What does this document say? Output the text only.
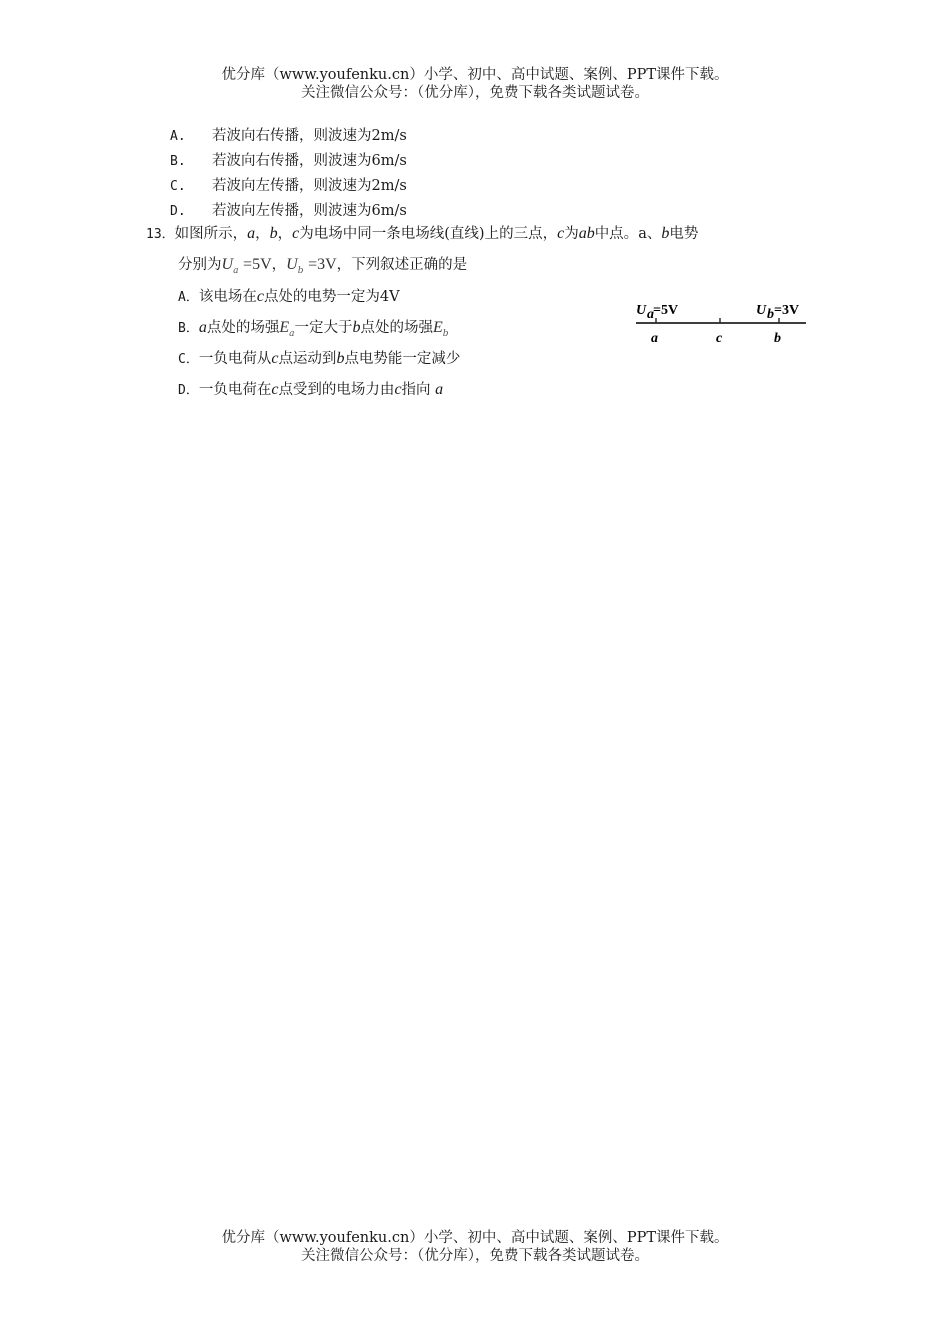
优分库（www.youfenku.cn）小学、初中、高中试题、案例、PPT课件下载。
关注微信公众号：（优分库），免费下载各类试题试卷。
A. 若波向右传播，则波速为2m/s
B. 若波向右传播，则波速为6m/s
C. 若波向左传播，则波速为2m/s
D. 若波向左传播，则波速为6m/s
13．如图所示，a，b，c为电场中同一条电场线(直线)上的三点，c为ab中点。a、b电势
分别为$U_a =5V$，$U_b =3V$，下列叙述正确的是
A．该电场在c点处的电势一定为4V
B．a点处的场强$E_a$一定大于b点处的场强$E_b$
C．一负电荷从c点运动到b点电势能一定减少
D．一负电荷在c点受到的电场力由c指向 a
U a =5V	U b =3V
a	c	b
优分库（www.youfenku.cn）小学、初中、高中试题、案例、PPT课件下载。
关注微信公众号：（优分库），免费下载各类试题试卷。
